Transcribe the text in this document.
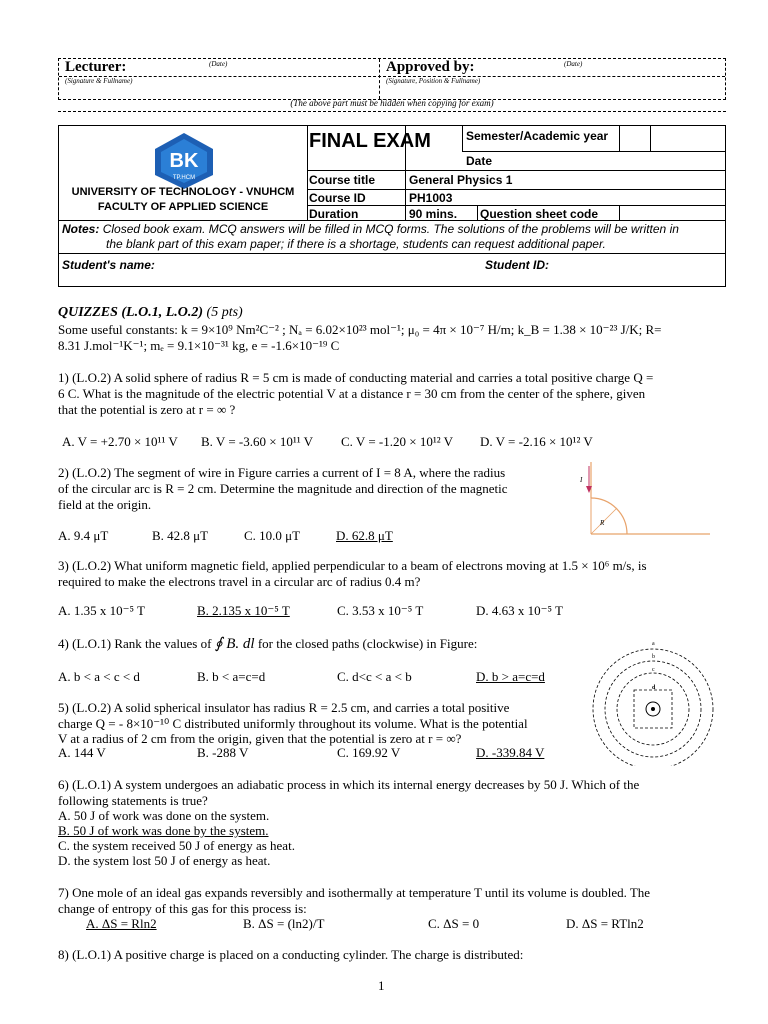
Lecturer:	(Date)
(Signature & Fullname)
Approved by:	(Date)
(Signature, Position & Fullname)
(The above part must be hidden when copying for exam)
BK
TP.HCM
UNIVERSITY OF TECHNOLOGY - VNUHCM
FACULTY OF APPLIED SCIENCE
FINAL EXAM	Semester/Academic year
Date
Course title	General Physics 1
Course ID	PH1003
Duration	90 mins. Question sheet code
Notes: Closed book exam. MCQ answers will be filled in MCQ forms. The solutions of the problems will be written in
the blank part of this exam paper; if there is a shortage, students can request additional paper.
Student's name:	Student ID:
QUIZZES (L.O.1, L.O.2) (5 pts)
Some useful constants: k = 9×10⁹ Nm²C⁻² ; Nₐ = 6.02×10²³ mol⁻¹; μ₀ = 4π × 10⁻⁷ H/m; k_B = 1.38 × 10⁻²³ J/K; R=
8.31 J.mol⁻¹K⁻¹; mₑ = 9.1×10⁻³¹ kg, e = -1.6×10⁻¹⁹ C
1) (L.O.2) A solid sphere of radius R = 5 cm is made of conducting material and carries a total positive charge Q =
6 C. What is the magnitude of the electric potential V at a distance r = 30 cm from the center of the sphere, given
that the potential is zero at r = ∞ ?
A. V = +2.70 × 10¹¹ V B. V = -3.60 × 10¹¹ V C. V = -1.20 × 10¹² V D. V = -2.16 × 10¹² V
2) (L.O.2) The segment of wire in Figure carries a current of I = 8 A, where the radius
of the circular arc is R = 2 cm. Determine the magnitude and direction of the magnetic
field at the origin.
I
R
A. 9.4 μT	B. 42.8 μT	C. 10.0 μT	D. 62.8 μT
3) (L.O.2) What uniform magnetic field, applied perpendicular to a beam of electrons moving at 1.5 × 10⁶ m/s, is
required to make the electrons travel in a circular arc of radius 0.4 m?
A. 1.35 x 10⁻⁵ T	B. 2.135 x 10⁻⁵ T	C. 3.53 x 10⁻⁵ T	D. 4.63 x 10⁻⁵ T
4) (L.O.1) Rank the values of ∮ B. dl for the closed paths (clockwise) in Figure:
A. b < a < c < d	B. b < a=c=d	C. d<c < a < b	D. b > a=c=d
a
b
c
d
5) (L.O.2) A solid spherical insulator has radius R = 2.5 cm, and carries a total positive
charge Q = - 8×10⁻¹⁰ C distributed uniformly throughout its volume. What is the potential
V at a radius of 2 cm from the origin, given that the potential is zero at r = ∞?
A. 144 V	B. -288 V	C. 169.92 V	D. -339.84 V
6) (L.O.1) A system undergoes an adiabatic process in which its internal energy decreases by 50 J. Which of the
following statements is true?
A. 50 J of work was done on the system.
B. 50 J of work was done by the system.
C. the system received 50 J of energy as heat.
D. the system lost 50 J of energy as heat.
7) One mole of an ideal gas expands reversibly and isothermally at temperature T until its volume is doubled. The
change of entropy of this gas for this process is:
A. ΔS = Rln2	B. ΔS = (ln2)/T	C. ΔS = 0	D. ΔS = RTln2
8) (L.O.1) A positive charge is placed on a conducting cylinder. The charge is distributed:
1
